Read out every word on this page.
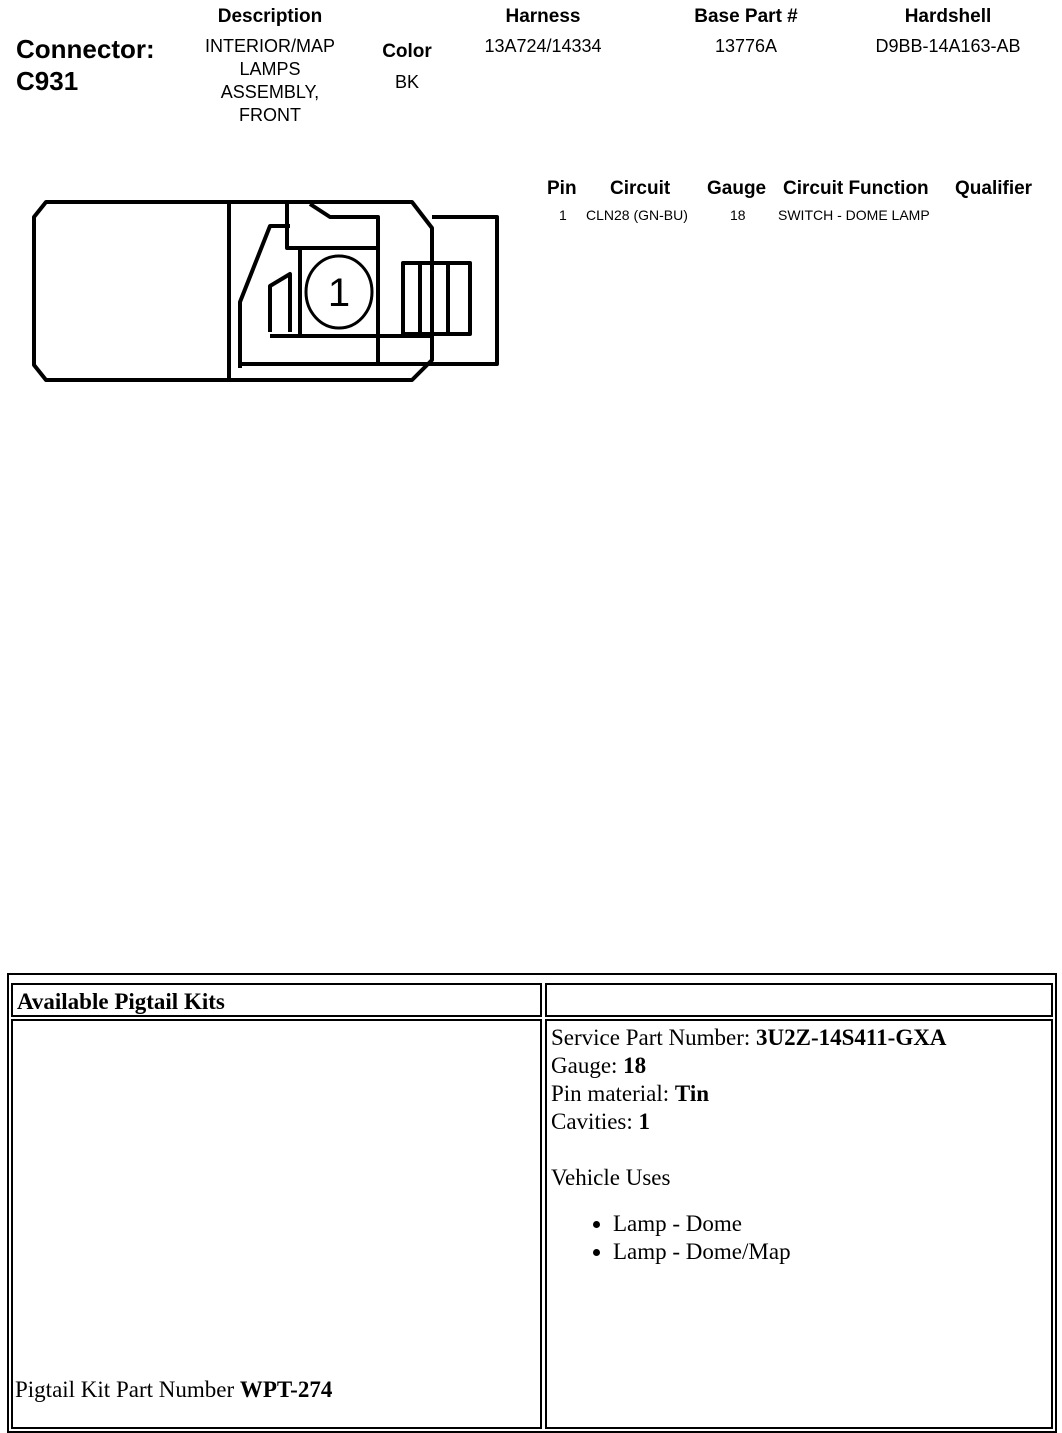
Connector:
C931
Description
INTERIOR/MAP
LAMPS
ASSEMBLY,
FRONT
Color
BK
Harness
13A724/14334
Base Part #
13776A
Hardshell
D9BB-14A163-AB
1
Pin Circuit Gauge Circuit Function Qualifier
1 CLN28 (GN-BU)	18 SWITCH - DOME LAMP
Available Pigtail Kits
Pigtail Kit Part Number WPT-274
Service Part Number: 3U2Z-14S411-GXA
Gauge: 18
Pin material: Tin
Cavities: 1
Vehicle Uses
• Lamp - Dome
• Lamp - Dome/Map
